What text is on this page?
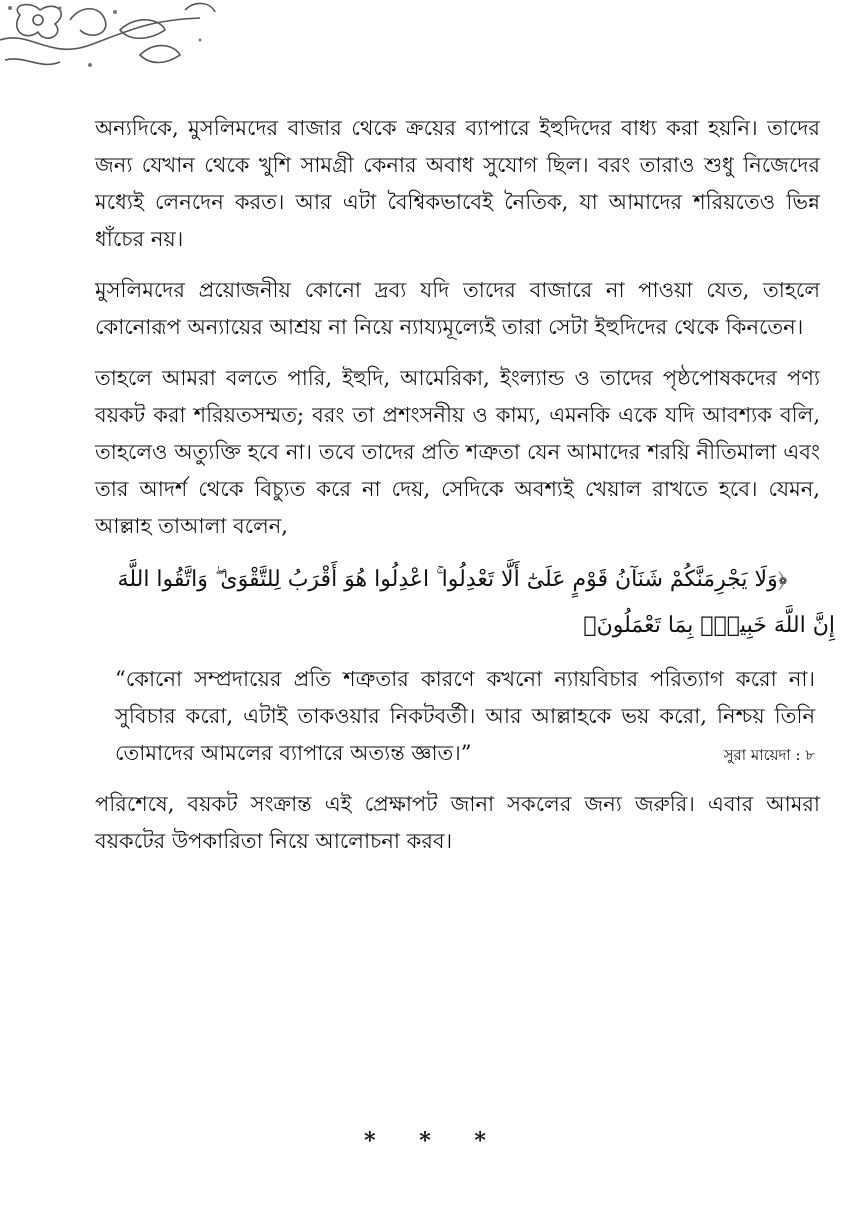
অন্যদিকে, মুসলিমদের বাজার থেকে ক্রয়ের ব্যাপারে ইহুদিদের বাধ্য করা হয়নি। তাদের জন্য যেখান থেকে খুশি সামগ্রী কেনার অবাধ সুযোগ ছিল। বরং তারাও শুধু নিজেদের মধ্যেই লেনদেন করত। আর এটা বৈশ্বিকভাবেই নৈতিক, যা আমাদের শরিয়তেও ভিন্ন ধাঁচের নয়।

মুসলিমদের প্রয়োজনীয় কোনো দ্রব্য যদি তাদের বাজারে না পাওয়া যেত, তাহলে কোনোরূপ অন্যায়ের আশ্রয় না নিয়ে ন্যায্যমূল্যেই তারা সেটা ইহুদিদের থেকে কিনতেন।

তাহলে আমরা বলতে পারি, ইহুদি, আমেরিকা, ইংল্যান্ড ও তাদের পৃষ্ঠপোষকদের পণ্য বয়কট করা শরিয়তসম্মত; বরং তা প্রশংসনীয় ও কাম্য, এমনকি একে যদি আবশ্যক বলি, তাহলেও অত্যুক্তি হবে না। তবে তাদের প্রতি শত্রুতা যেন আমাদের শরয়ি নীতিমালা এবং তার আদর্শ থেকে বিচ্যুত করে না দেয়, সেদিকে অবশ্যই খেয়াল রাখতে হবে। যেমন, আল্লাহ তাআলা বলেন,

﴿وَلَا يَجْرِمَنَّكُمْ شَنَآنُ قَوْمٍ عَلَىٰٓ أَلَّا تَعْدِلُوا ۚ اعْدِلُوا هُوَ أَقْرَبُ لِلتَّقْوَىٰ ۖ وَاتَّقُوا اللَّهَ
إِنَّ اللَّهَ خَبِيرٌۢ بِمَا تَعْمَلُونَ﴾
“কোনো সম্প্রদায়ের প্রতি শত্রুতার কারণে কখনো ন্যায়বিচার পরিত্যাগ করো না। সুবিচার করো, এটাই তাকওয়ার নিকটবর্তী। আর আল্লাহকে ভয় করো, নিশ্চয় তিনি তোমাদের আমলের ব্যাপারে অত্যন্ত জ্ঞাত।”	সুরা মায়েদা : ৮

পরিশেষে, বয়কট সংক্রান্ত এই প্রেক্ষাপট জানা সকলের জন্য জরুরি। এবার আমরা বয়কটের উপকারিতা নিয়ে আলোচনা করব।

* * *
